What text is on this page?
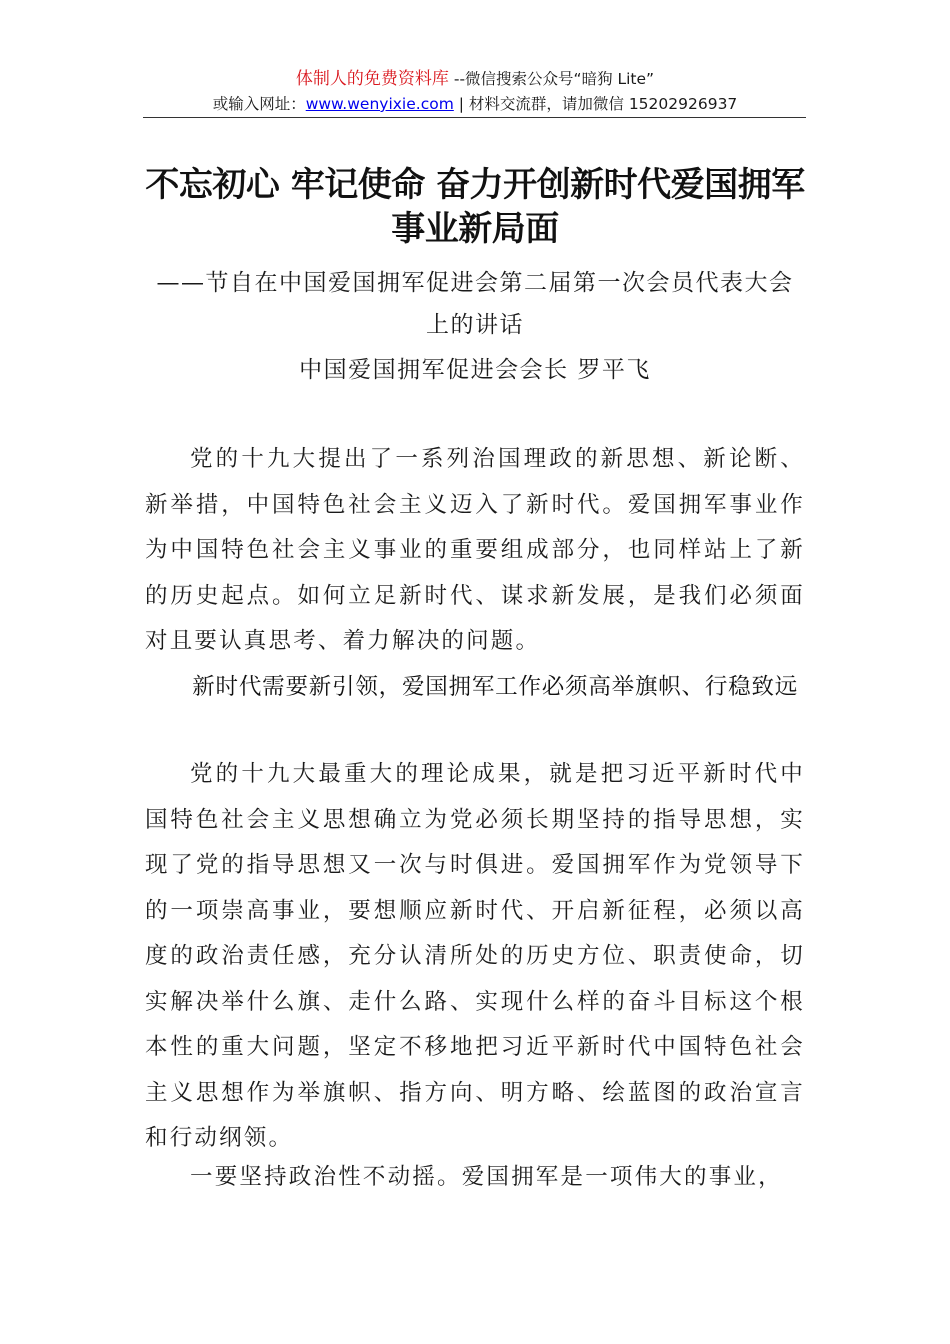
体制人的免费资料库 --微信搜索公众号“暗狗 Lite”
或输入网址：www.wenyixie.com | 材料交流群，请加微信 15202926937
不忘初心 牢记使命 奋力开创新时代爱国拥军事业新局面
——节自在中国爱国拥军促进会第二届第一次会员代表大会上的讲话
中国爱国拥军促进会会长 罗平飞

党的十九大提出了一系列治国理政的新思想、新论断、新举措，中国特色社会主义迈入了新时代。爱国拥军事业作为中国特色社会主义事业的重要组成部分，也同样站上了新的历史起点。如何立足新时代、谋求新发展，是我们必须面对且要认真思考、着力解决的问题。

新时代需要新引领，爱国拥军工作必须高举旗帜、行稳致远

党的十九大最重大的理论成果，就是把习近平新时代中国特色社会主义思想确立为党必须长期坚持的指导思想，实现了党的指导思想又一次与时俱进。爱国拥军作为党领导下的一项崇高事业，要想顺应新时代、开启新征程，必须以高度的政治责任感，充分认清所处的历史方位、职责使命，切实解决举什么旗、走什么路、实现什么样的奋斗目标这个根本性的重大问题，坚定不移地把习近平新时代中国特色社会主义思想作为举旗帜、指方向、明方略、绘蓝图的政治宣言和行动纲领。

一要坚持政治性不动摇。爱国拥军是一项伟大的事业，
